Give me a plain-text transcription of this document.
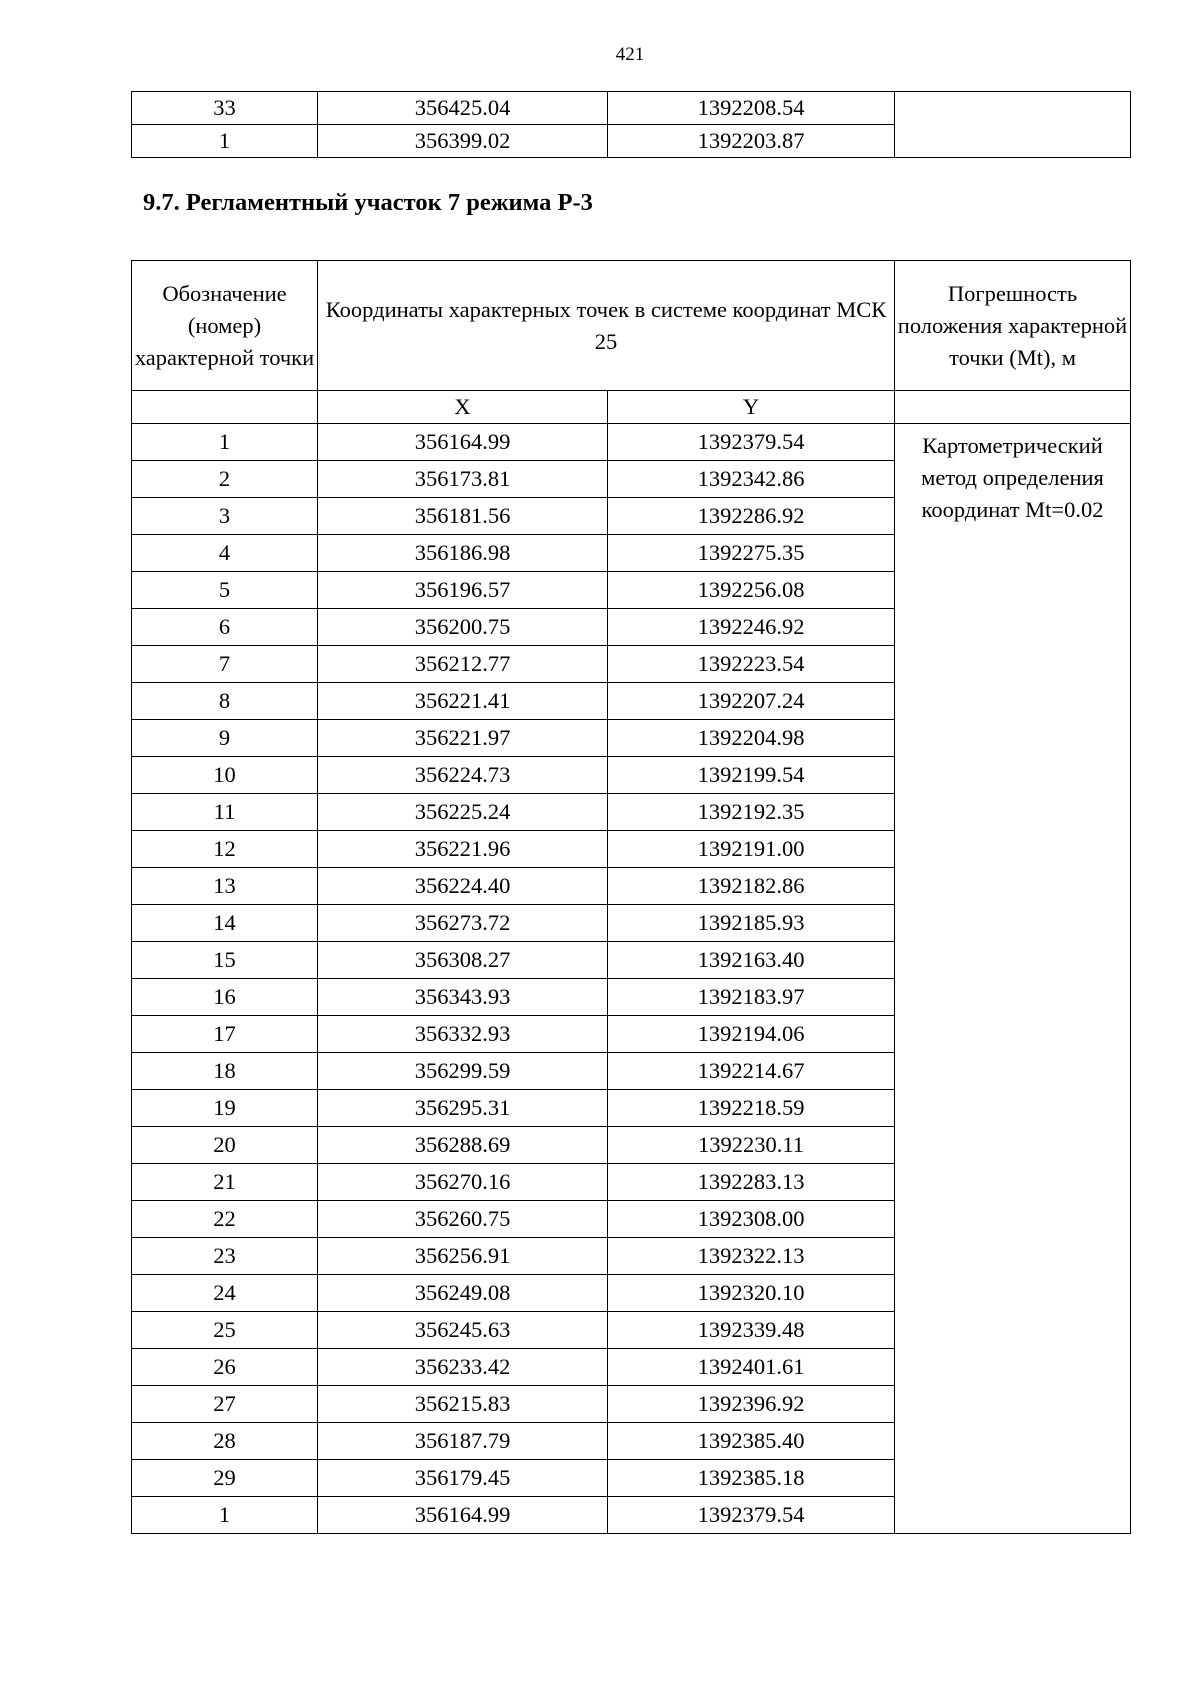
421
33	356425.04	1392208.54	
1	356399.02	1392203.87	
9.7. Регламентный участок 7 режима Р-3
Обозначение (номер) характерной точки	Координаты характерных точек в системе координат МСК 25		Погрешность положения характерной точки (Mt), м
	X	Y	
1	356164.99	1392379.54	Картометрический метод определения координат Mt=0.02
2	356173.81	1392342.86	
3	356181.56	1392286.92	
4	356186.98	1392275.35	
5	356196.57	1392256.08	
6	356200.75	1392246.92	
7	356212.77	1392223.54	
8	356221.41	1392207.24	
9	356221.97	1392204.98	
10	356224.73	1392199.54	
11	356225.24	1392192.35	
12	356221.96	1392191.00	
13	356224.40	1392182.86	
14	356273.72	1392185.93	
15	356308.27	1392163.40	
16	356343.93	1392183.97	
17	356332.93	1392194.06	
18	356299.59	1392214.67	
19	356295.31	1392218.59	
20	356288.69	1392230.11	
21	356270.16	1392283.13	
22	356260.75	1392308.00	
23	356256.91	1392322.13	
24	356249.08	1392320.10	
25	356245.63	1392339.48	
26	356233.42	1392401.61	
27	356215.83	1392396.92	
28	356187.79	1392385.40	
29	356179.45	1392385.18	
1	356164.99	1392379.54	
